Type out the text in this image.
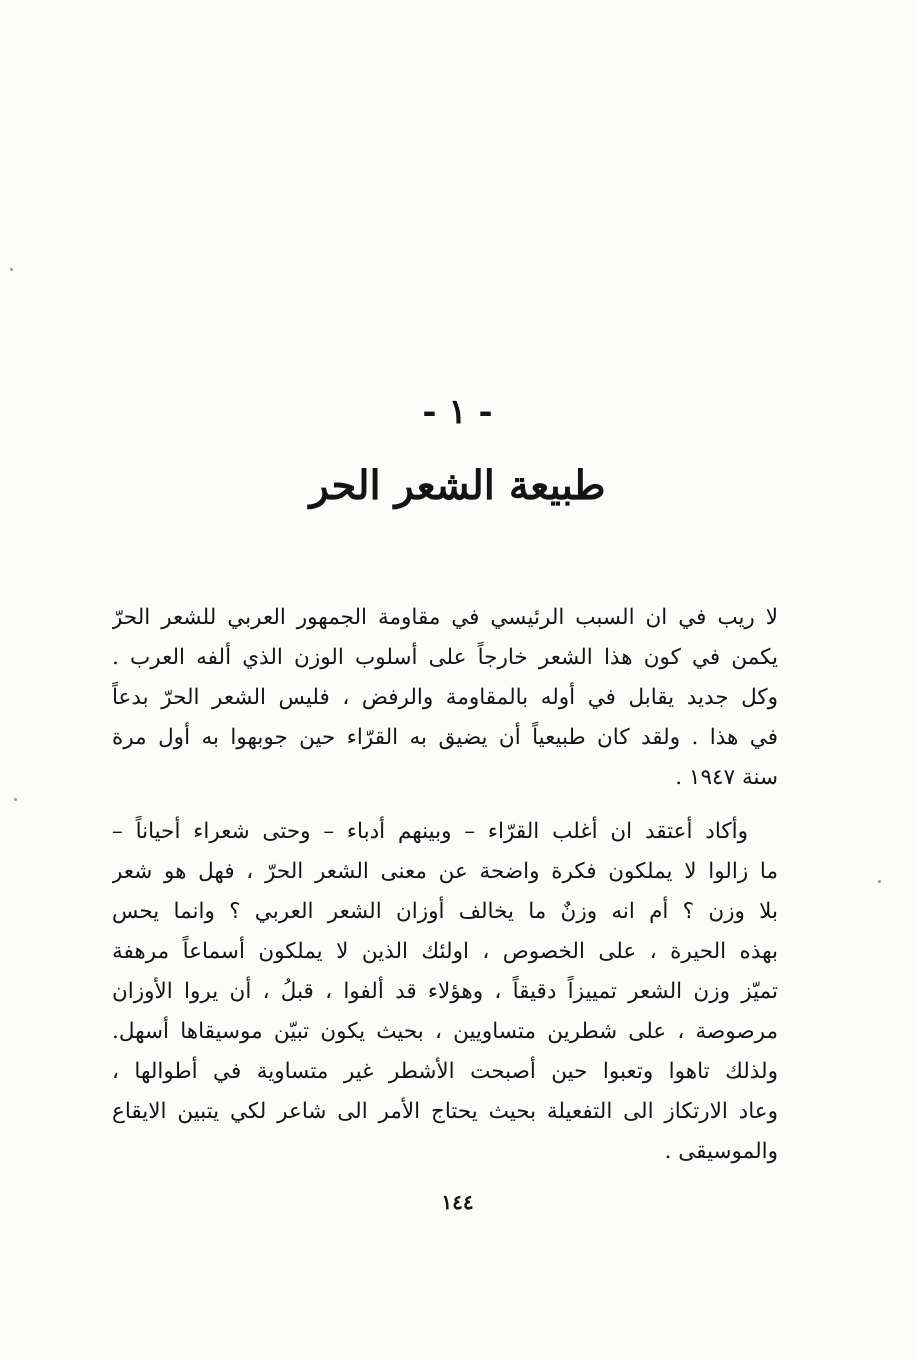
- ١ -
طبيعة الشعر الحر
لا ريب في ان السبب الرئيسي في مقاومة الجمهور العربي للشعر الحرّ
يكمن في كون هذا الشعر خارجاً على أسلوب الوزن الذي ألفه العرب .
وكل جديد يقابل في أوله بالمقاومة والرفض ، فليس الشعر الحرّ بدعاً
في هذا . ولقد كان طبيعياً أن يضيق به القرّاء حين جوبهوا به أول مرة
سنة ١٩٤٧ .
وأكاد أعتقد ان أغلب القرّاء – وبينهم أدباء – وحتى شعراء أحياناً –
ما زالوا لا يملكون فكرة واضحة عن معنى الشعر الحرّ ، فهل هو شعر
بلا وزن ؟ أم انه وزنٌ ما يخالف أوزان الشعر العربي ؟ وانما يحس
بهذه الحيرة ، على الخصوص ، اولئك الذين لا يملكون أسماعاً مرهفة
تميّز وزن الشعر تمييزاً دقيقاً ، وهؤلاء قد ألفوا ، قبلُ ، أن يروا الأوزان
مرصوصة ، على شطرين متساويين ، بحيث يكون تبيّن موسيقاها أسهل.
ولذلك تاهوا وتعبوا حين أصبحت الأشطر غير متساوية في أطوالها ،
وعاد الارتكاز الى التفعيلة بحيث يحتاج الأمر الى شاعر لكي يتبين الايقاع
والموسيقى .
١٤٤
